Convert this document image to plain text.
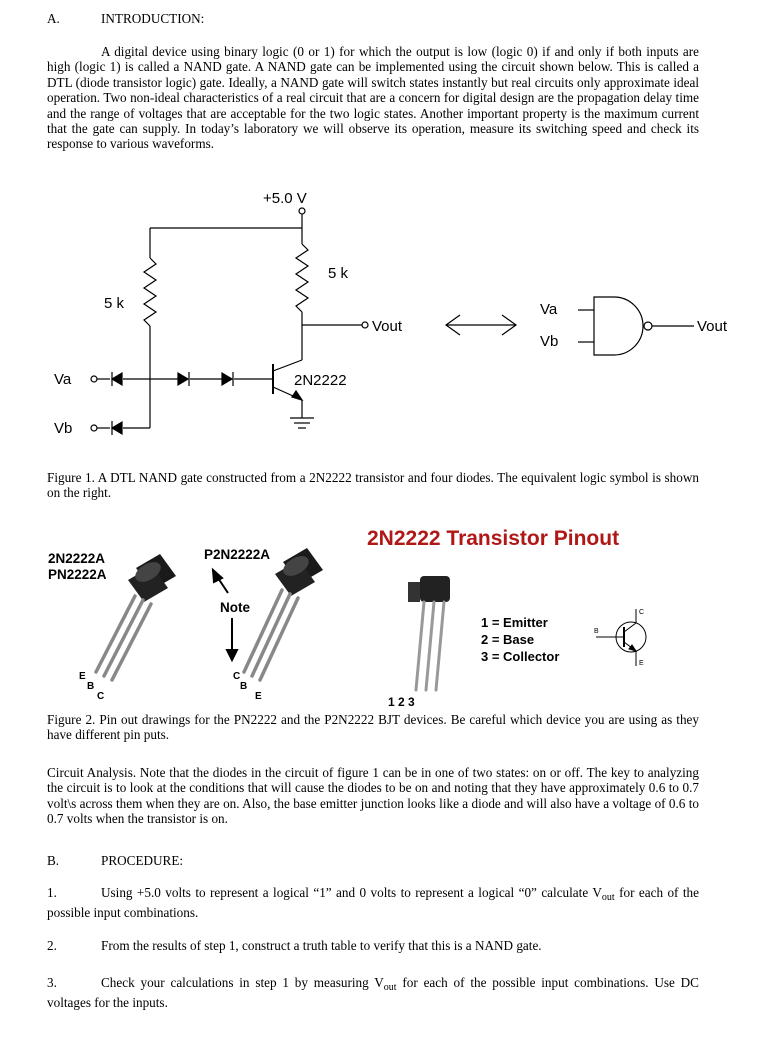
A.	INTRODUCTION:
A digital device using binary logic (0 or 1) for which the output is low (logic 0) if and only if both inputs are high (logic 1) is called a NAND gate. A NAND gate can be implemented using the circuit shown below. This is called a DTL (diode transistor logic) gate. Ideally, a NAND gate will switch states instantly but real circuits only approximate ideal operation. Two non-ideal characteristics of a real circuit that are a concern for digital design are the propagation delay time and the range of voltages that are acceptable for the two logic states. Another important property is the maximum current that the gate can supply. In today’s laboratory we will observe its operation, measure its switching speed and check its response to various waveforms.
+5.0 V
5 k
5 k
Vout
2N2222
Va
Vb
Va
Vb
Vout
Figure 1. A DTL NAND gate constructed from a 2N2222 transistor and four diodes. The equivalent logic symbol is shown on the right.
2N2222 Transistor Pinout
2N2222A
PN2222A
P2N2222A
Note
E
B
C
C
B
E	1 2 3
1 = Emitter
2 = Base
3 = Collector
B
C
E
Figure 2. Pin out drawings for the PN2222 and the P2N2222 BJT devices. Be careful which device you are using as they have different pin puts.
Circuit Analysis. Note that the diodes in the circuit of figure 1 can be in one of two states: on or off. The key to analyzing the circuit is to look at the conditions that will cause the diodes to be on and noting that they have approximately 0.6 to 0.7 volt\s across them when they are on. Also, the base emitter junction looks like a diode and will also have a voltage of 0.6 to 0.7 volts when the transistor is on.
B.	PROCEDURE:
1.	Using +5.0 volts to represent a logical “1” and 0 volts to represent a logical “0” calculate $V_{out}$ for each of the possible input combinations.
2.	From the results of step 1, construct a truth table to verify that this is a NAND gate.
3.	Check your calculations in step 1 by measuring $V_{out}$ for each of the possible input combinations. Use DC voltages for the inputs.
